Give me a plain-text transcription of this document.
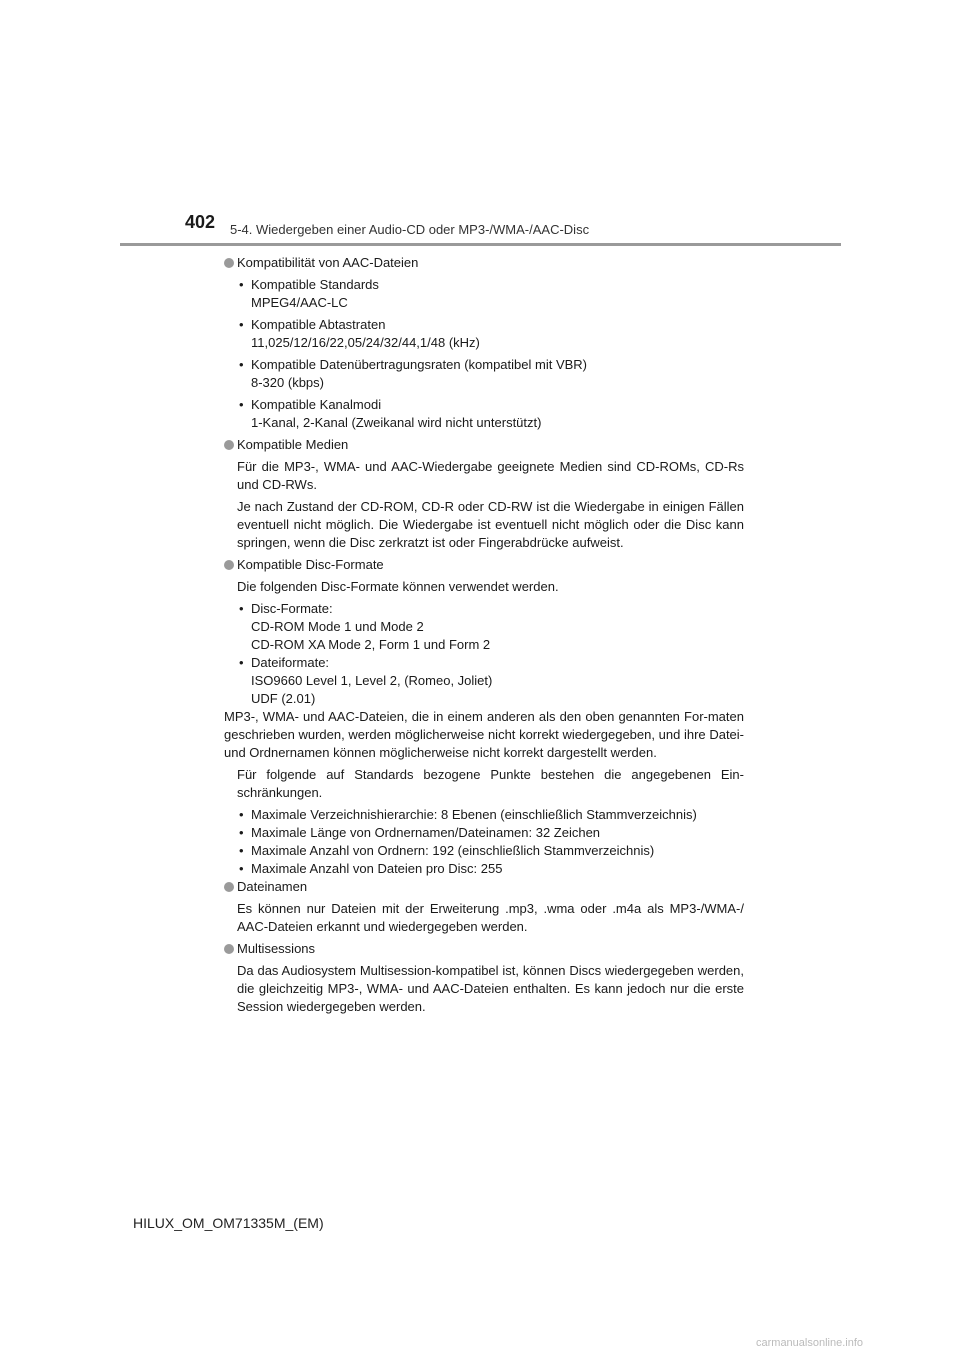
402 5-4. Wiedergeben einer Audio-CD oder MP3-/WMA-/AAC-Disc

Kompatibilität von AAC-Dateien

• Kompatible Standards
MPEG4/AAC-LC
• Kompatible Abtastraten
11,025/12/16/22,05/24/32/44,1/48 (kHz)
• Kompatible Datenübertragungsraten (kompatibel mit VBR)
8-320 (kbps)
• Kompatible Kanalmodi
1-Kanal, 2-Kanal (Zweikanal wird nicht unterstützt)

Kompatible Medien

Für die MP3-, WMA- und AAC-Wiedergabe geeignete Medien sind CD-ROMs, CD-Rs und CD-RWs.

Je nach Zustand der CD-ROM, CD-R oder CD-RW ist die Wiedergabe in einigen Fällen eventuell nicht möglich. Die Wiedergabe ist eventuell nicht möglich oder die Disc kann springen, wenn die Disc zerkratzt ist oder Fingerabdrücke aufweist.

Kompatible Disc-Formate

Die folgenden Disc-Formate können verwendet werden.

• Disc-Formate:
CD-ROM Mode 1 und Mode 2
CD-ROM XA Mode 2, Form 1 und Form 2
• Dateiformate:
ISO9660 Level 1, Level 2, (Romeo, Joliet)
UDF (2.01)

MP3-, WMA- und AAC-Dateien, die in einem anderen als den oben genannten For-maten geschrieben wurden, werden möglicherweise nicht korrekt wiedergegeben, und ihre Datei- und Ordnernamen können möglicherweise nicht korrekt dargestellt werden.

Für folgende auf Standards bezogene Punkte bestehen die angegebenen Ein-schränkungen.

• Maximale Verzeichnishierarchie: 8 Ebenen (einschließlich Stammverzeichnis)
• Maximale Länge von Ordnernamen/Dateinamen: 32 Zeichen
• Maximale Anzahl von Ordnern: 192 (einschließlich Stammverzeichnis)
• Maximale Anzahl von Dateien pro Disc: 255

Dateinamen

Es können nur Dateien mit der Erweiterung .mp3, .wma oder .m4a als MP3-/WMA-/ AAC-Dateien erkannt und wiedergegeben werden.

Multisessions

Da das Audiosystem Multisession-kompatibel ist, können Discs wiedergegeben werden, die gleichzeitig MP3-, WMA- und AAC-Dateien enthalten. Es kann jedoch nur die erste Session wiedergegeben werden.

HILUX_OM_OM71335M_(EM)
carmanualsonline.info
